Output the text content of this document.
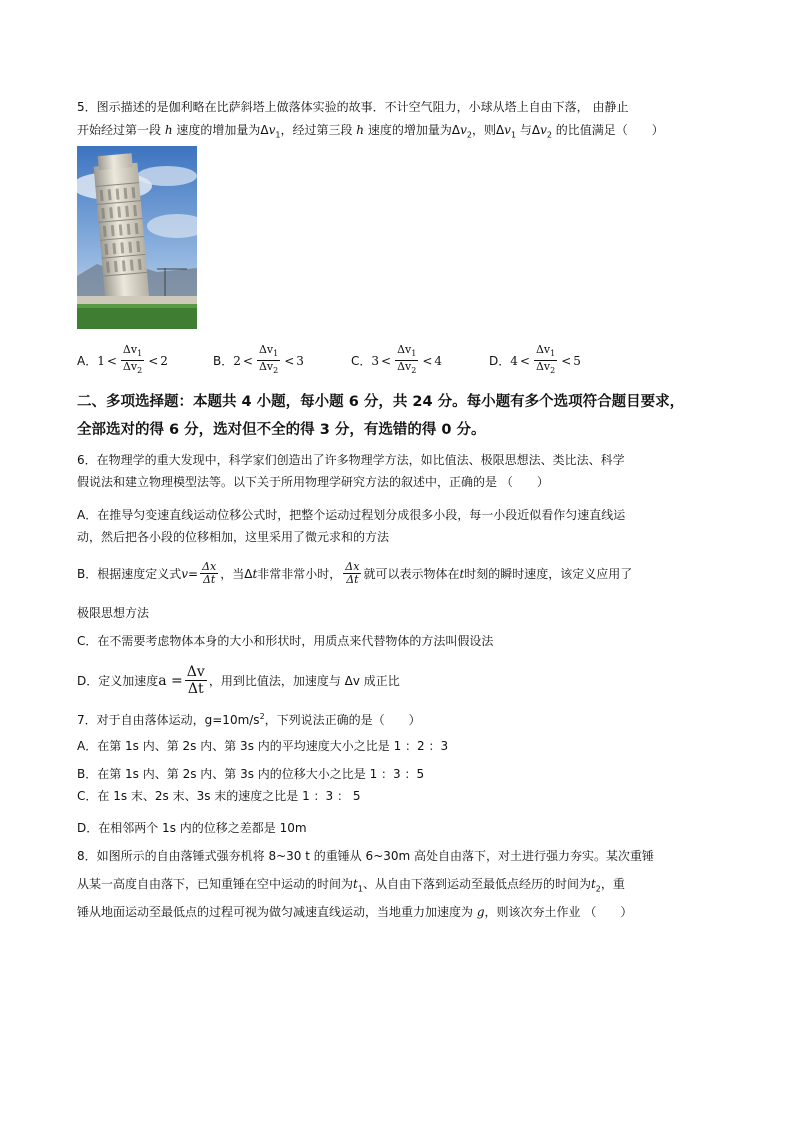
5．图示描述的是伽利略在比萨斜塔上做落体实验的故事．不计空气阻力，小球从塔上自由下落， 由静止
开始经过第一段 h 速度的增加量为$\Delta v_1$，经过第三段 h 速度的增加量为$\Delta v_2$，则$\Delta v_1$ 与$\Delta v_2$ 的比值满足（　　）
A． $1 < \frac{\Delta v_1}{\Delta v_2} < 2$	B． $2 < \frac{\Delta v_1}{\Delta v_2} < 3$	C． $3 < \frac{\Delta v_1}{\Delta v_2} < 4$	D． $4 < \frac{\Delta v_1}{\Delta v_2} < 5$
二、多项选择题：本题共 4 小题，每小题 6 分，共 24 分。每小题有多个选项符合题目要求，
全部选对的得 6 分，选对但不全的得 3 分，有选错的得 0 分。
6．在物理学的重大发现中，科学家们创造出了许多物理学方法，如比值法、极限思想法、类比法、科学
假说法和建立物理模型法等。以下关于所用物理学研究方法的叙述中，正确的是 （　　）
A．在推导匀变速直线运动位移公式时，把整个运动过程划分成很多小段，每一小段近似看作匀速直线运
动，然后把各小段的位移相加，这里采用了微元求和的方法
B．根据速度定义式 $v = \frac{\Delta x}{\Delta t}$ ，当Δ t 非常非常小时， $\frac{\Delta x}{\Delta t}$ 就可以表示物体在 t 时刻的瞬时速度，该定义应用了
极限思想方法
C．在不需要考虑物体本身的大小和形状时，用质点来代替物体的方法叫假设法
D．定义加速度 $a = \frac{\Delta v}{\Delta t}$ ，用到比值法，加速度与 Δv 成正比
7．对于自由落体运动，$g=10m/s^2$，下列说法正确的是（　　）
A．在第 1s 内、第 2s 内、第 3s 内的平均速度大小之比是 1 ：2 ：3
B．在第 1s 内、第 2s 内、第 3s 内的位移大小之比是 1 ：3 ：5
C．在 1s 末、2s 末、3s 末的速度之比是 1 ：3 ： 5
D．在相邻两个 1s 内的位移之差都是 10m
8．如图所示的自由落锤式强夯机将 8~30 t 的重锤从 6~30m 高处自由落下，对土进行强力夯实。某次重锤
从某一高度自由落下，已知重锤在空中运动的时间为$t_1$、从自由下落到运动至最低点经历的时间为$t_2$，重
锤从地面运动至最低点的过程可视为做匀减速直线运动，当地重力加速度为 g，则该次夯土作业 （　　）
